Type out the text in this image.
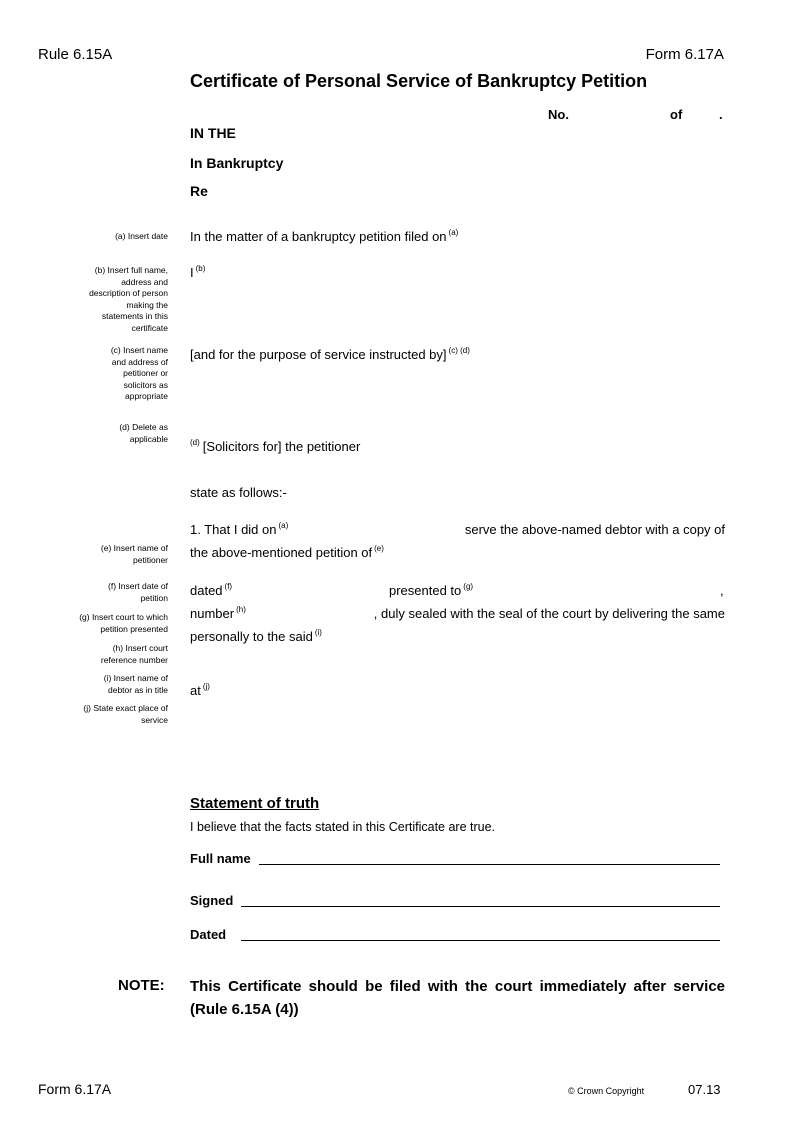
Rule 6.15A	Form 6.17A
Certificate of Personal Service of Bankruptcy Petition
No.	of	.
IN THE
In Bankruptcy
Re
(a) Insert date
(b) Insert full name, address and description of person making the statements in this certificate
(c) Insert name and address of petitioner or solicitors as appropriate
(d) Delete as applicable
(e) Insert name of petitioner
(f) Insert date of petition
(g) Insert court to which petition presented
(h) Insert court reference number
(i) Insert name of debtor as in title
(j) State exact place of service
In the matter of a bankruptcy petition filed on $^{(a)}$
I $^{(b)}$
[and for the purpose of service instructed by] $^{(c) (d)}$
$^{(d)}$ [Solicitors for] the petitioner
state as follows:-
1. That I did on $^{(a)}$	serve the above-named debtor with a copy of
the above-mentioned petition of $^{(e)}$
dated $^{(f)}$	presented to $^{(g)}$	,
number $^{(h)}$	, duly sealed with the seal of the court by delivering the same
personally to the said $^{(i)}$
at $^{(j)}$
Statement of truth
I believe that the facts stated in this Certificate are true.
Full name
Signed
Dated
NOTE: This Certificate should be filed with the court immediately after service (Rule 6.15A (4))
Form 6.17A	© Crown Copyright	07.13
